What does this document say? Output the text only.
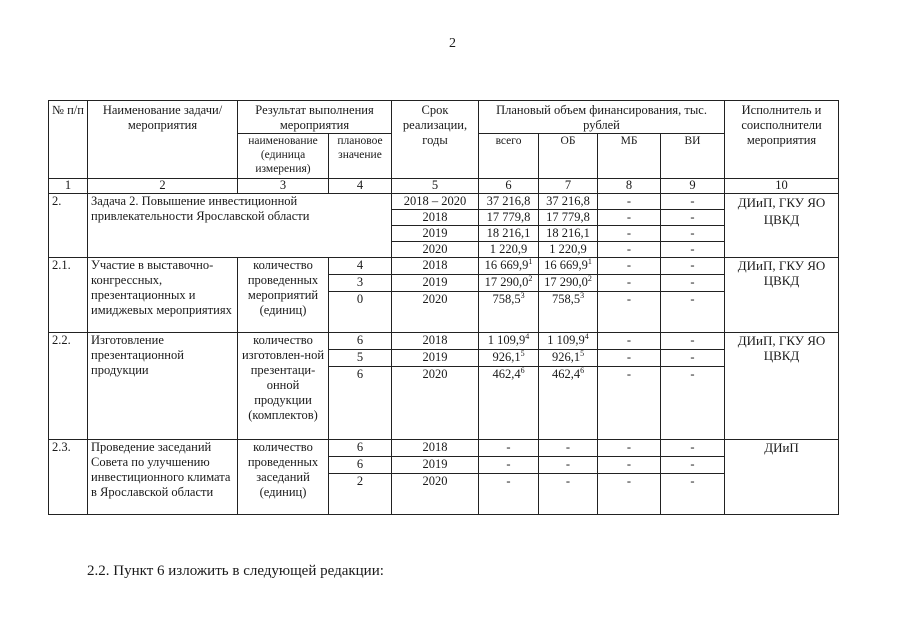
2
№ п/п	Наименование задачи/ мероприятия	Результат выполнения мероприятия		Срок реализации, годы	Плановый объем финансирования, тыс. рублей				Исполнитель и соисполнители мероприятия
		наименование (единица измерения)	плановое значение		всего	ОБ	МБ	ВИ	
1	2	3	4	5	6	7	8	9	10
2.	Задача 2. Повышение инвестиционной привлекательности Ярославской области			2018 – 2020	37 216,8	37 216,8	-	-	ДИиП, ГКУ ЯО ЦВКД
				2018	17 779,8	17 779,8	-	-	
				2019	18 216,1	18 216,1	-	-	
				2020	1 220,9	1 220,9	-	-	
2.1.	Участие в выставочно-конгрессных, презентационных и имиджевых мероприятиях	количество проведенных мероприятий (единиц)	4	2018	16 669,9$^1$	16 669,9$^1$	-	-	ДИиП, ГКУ ЯО ЦВКД
			3	2019	17 290,0$^2$	17 290,0$^2$	-	-	
			0	2020	758,5$^3$	758,5$^3$	-	-	
2.2.	Изготовление презентационной продукции	количество изготовлен-ной презентаци-онной продукции (комплектов)	6	2018	1 109,9$^4$	1 109,9$^4$	-	-	ДИиП, ГКУ ЯО ЦВКД
			5	2019	926,1$^5$	926,1$^5$	-	-	
			6	2020	462,4$^6$	462,4$^6$	-	-	
2.3.	Проведение заседаний Совета по улучшению инвестиционного климата в Ярославской области	количество проведенных заседаний (единиц)	6	2018	-	-	-	-	ДИиП
			6	2019	-	-	-	-	
			2	2020	-	-	-	-	
2.2. Пункт 6 изложить в следующей редакции:
